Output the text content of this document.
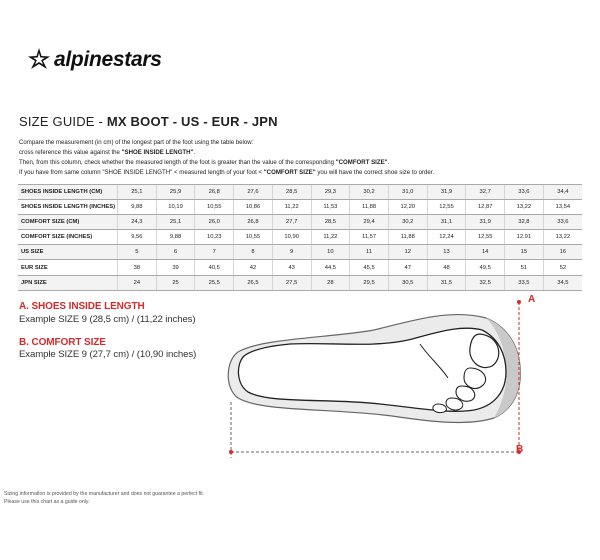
alpinestars
SIZE GUIDE - MX BOOT - US - EUR - JPN
Compare the measurement (in cm) of the longest part of the foot using the table below:
cross reference this value against the "SHOE INSIDE LENGTH".
Then, from this column, check whether the measured length of the foot is greater than the value of the corresponding "COMFORT SIZE".
If you have from same column "SHOE INSIDE LENGTH" < measured length of your foot < "COMFORT SIZE" you will have the correct shoe size to order.
SHOES INSIDE LENGTH (CM)	25,1	25,9	26,8	27,6	28,5	29,3	30,2	31,0	31,9	32,7	33,6	34,4
SHOES INSIDE LENGTH (INCHES)	9,88	10,19	10,55	10,86	11,22	11,53	11,88	12,20	12,55	12,87	13,22	13,54
COMFORT SIZE (CM)	24,3	25,1	26,0	26,8	27,7	28,5	29,4	30,2	31,1	31,9	32,8	33,6
COMFORT SIZE (INCHES)	9,56	9,88	10,23	10,55	10,90	11,22	11,57	11,88	12,24	12,55	12,91	13,22
US SIZE	5	6	7	8	9	10	11	12	13	14	15	16
EUR SIZE	38	39	40,5	42	43	44,5	45,5	47	48	49,5	51	52
JPN SIZE	24	25	25,5	26,5	27,5	28	29,5	30,5	31,5	32,5	33,5	34,5
A. SHOES INSIDE LENGTH
Example SIZE 9 (28,5 cm) / (11,22 inches)
B. COMFORT SIZE
Example SIZE 9 (27,7 cm) / (10,90 inches)
A
B
Sizing information is provided by the manufacturer and does not guarantee a perfect fit.
Please use this chart as a guide only.
